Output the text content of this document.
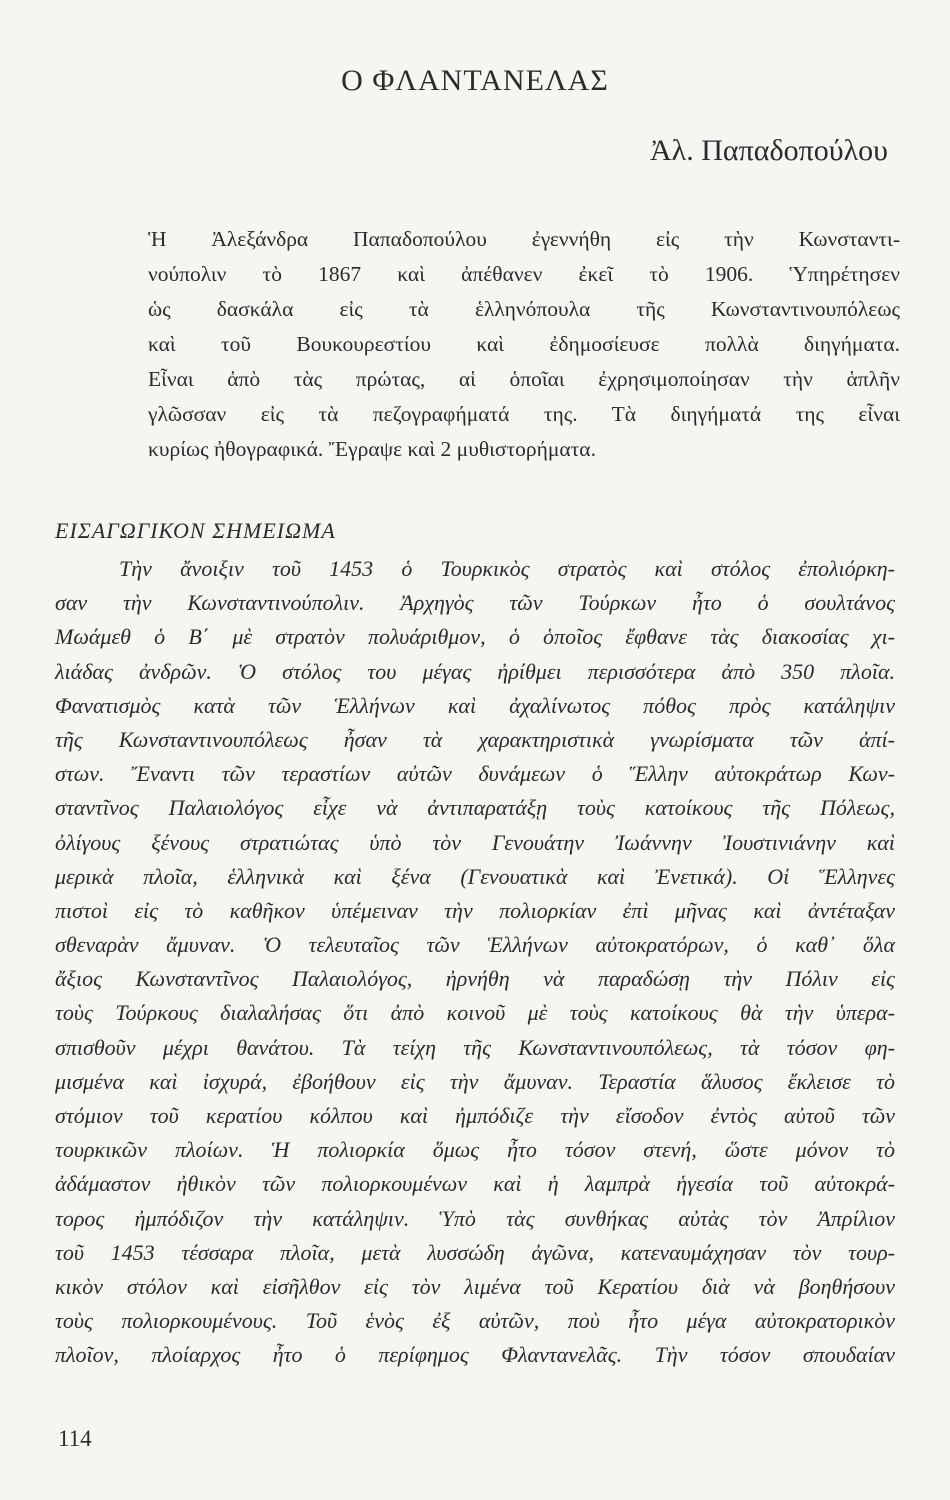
Ο ΦΛΑΝΤΑΝΕΛΑΣ
Ἀλ. Παπαδοπούλου
Ἡ Ἀλεξάνδρα Παπαδοπούλου ἐγεννήθη εἰς τὴν Κωνσταντι-
νούπολιν τὸ 1867 καὶ ἀπέθανεν ἐκεῖ τὸ 1906. Ὑπηρέτησεν
ὡς δασκάλα εἰς τὰ ἑλληνόπουλα τῆς Κωνσταντινουπόλεως
καὶ τοῦ Βουκουρεστίου καὶ ἐδημοσίευσε πολλὰ διηγήματα.
Εἶναι ἀπὸ τὰς πρώτας, αἱ ὁποῖαι ἐχρησιμοποίησαν τὴν ἁπλῆν
γλῶσσαν εἰς τὰ πεζογραφήματά της. Τὰ διηγήματά της εἶναι
κυρίως ἠθογραφικά. Ἔγραψε καὶ 2 μυθιστορήματα.
ΕΙΣΑΓΩΓΙΚΟΝ ΣΗΜΕΙΩΜΑ
Τὴν ἄνοιξιν τοῦ 1453 ὁ Τουρκικὸς στρατὸς καὶ στόλος ἐπολιόρκη-
σαν τὴν Κωνσταντινούπολιν. Ἀρχηγὸς τῶν Τούρκων ἦτο ὁ σουλτάνος
Μωάμεθ ὁ Β΄ μὲ στρατὸν πολυάριθμον, ὁ ὁποῖος ἔφθανε τὰς διακοσίας χι-
λιάδας ἀνδρῶν. Ὁ στόλος του μέγας ἠρίθμει περισσότερα ἀπὸ 350 πλοῖα.
Φανατισμὸς κατὰ τῶν Ἑλλήνων καὶ ἀχαλίνωτος πόθος πρὸς κατάληψιν
τῆς Κωνσταντινουπόλεως ἦσαν τὰ χαρακτηριστικὰ γνωρίσματα τῶν ἀπί-
στων. Ἔναντι τῶν τεραστίων αὐτῶν δυνάμεων ὁ Ἕλλην αὐτοκράτωρ Κων-
σταντῖνος Παλαιολόγος εἶχε νὰ ἀντιπαρατάξῃ τοὺς κατοίκους τῆς Πόλεως,
ὀλίγους ξένους στρατιώτας ὑπὸ τὸν Γενουάτην Ἰωάννην Ἰουστινιάνην καὶ
μερικὰ πλοῖα, ἑλληνικὰ καὶ ξένα (Γενουατικὰ καὶ Ἐνετικά). Οἱ Ἕλληνες
πιστοὶ εἰς τὸ καθῆκον ὑπέμειναν τὴν πολιορκίαν ἐπὶ μῆνας καὶ ἀντέταξαν
σθεναρὰν ἄμυναν. Ὁ τελευταῖος τῶν Ἑλλήνων αὐτοκρατόρων, ὁ καθ᾿ ὅλα
ἄξιος Κωνσταντῖνος Παλαιολόγος, ἠρνήθη νὰ παραδώσῃ τὴν Πόλιν εἰς
τοὺς Τούρκους διαλαλήσας ὅτι ἀπὸ κοινοῦ μὲ τοὺς κατοίκους θὰ τὴν ὑπερα-
σπισθοῦν μέχρι θανάτου. Τὰ τείχη τῆς Κωνσταντινουπόλεως, τὰ τόσον φη-
μισμένα καὶ ἰσχυρά, ἐβοήθουν εἰς τὴν ἄμυναν. Τεραστία ἅλυσος ἔκλεισε τὸ
στόμιον τοῦ κερατίου κόλπου καὶ ἠμπόδιζε τὴν εἴσοδον ἐντὸς αὐτοῦ τῶν
τουρκικῶν πλοίων. Ἡ πολιορκία ὅμως ἦτο τόσον στενή, ὥστε μόνον τὸ
ἀδάμαστον ἠθικὸν τῶν πολιορκουμένων καὶ ἡ λαμπρὰ ἡγεσία τοῦ αὐτοκρά-
τορος ἠμπόδιζον τὴν κατάληψιν. Ὑπὸ τὰς συνθήκας αὐτὰς τὸν Ἀπρίλιον
τοῦ 1453 τέσσαρα πλοῖα, μετὰ λυσσώδη ἀγῶνα, κατεναυμάχησαν τὸν τουρ-
κικὸν στόλον καὶ εἰσῆλθον εἰς τὸν λιμένα τοῦ Κερατίου διὰ νὰ βοηθήσουν
τοὺς πολιορκουμένους. Τοῦ ἑνὸς ἐξ αὐτῶν, ποὺ ἦτο μέγα αὐτοκρατορικὸν
πλοῖον, πλοίαρχος ἦτο ὁ περίφημος Φλαντανελᾶς. Τὴν τόσον σπουδαίαν
114
